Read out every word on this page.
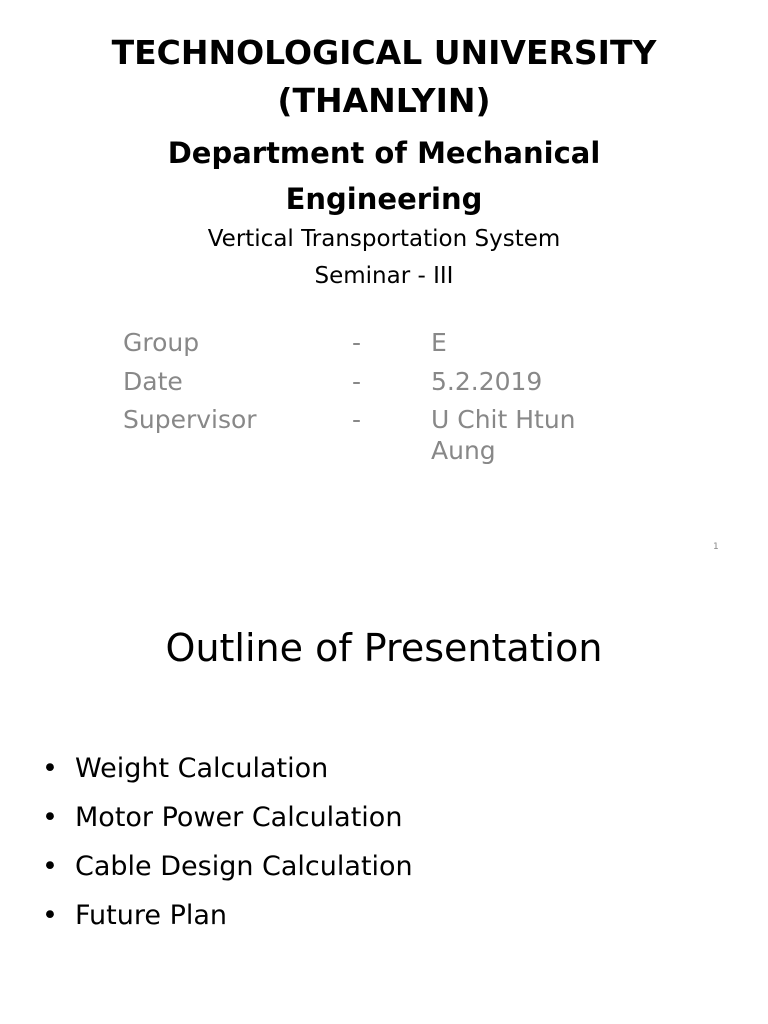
TECHNOLOGICAL UNIVERSITY
(THANLYIN)
Department of Mechanical
Engineering
Vertical Transportation System
Seminar - III
Group	-	E
Date	-	5.2.2019
Supervisor	-	U Chit Htun Aung
1
Outline of Presentation
• Weight Calculation
• Motor Power Calculation
• Cable Design Calculation
• Future Plan
